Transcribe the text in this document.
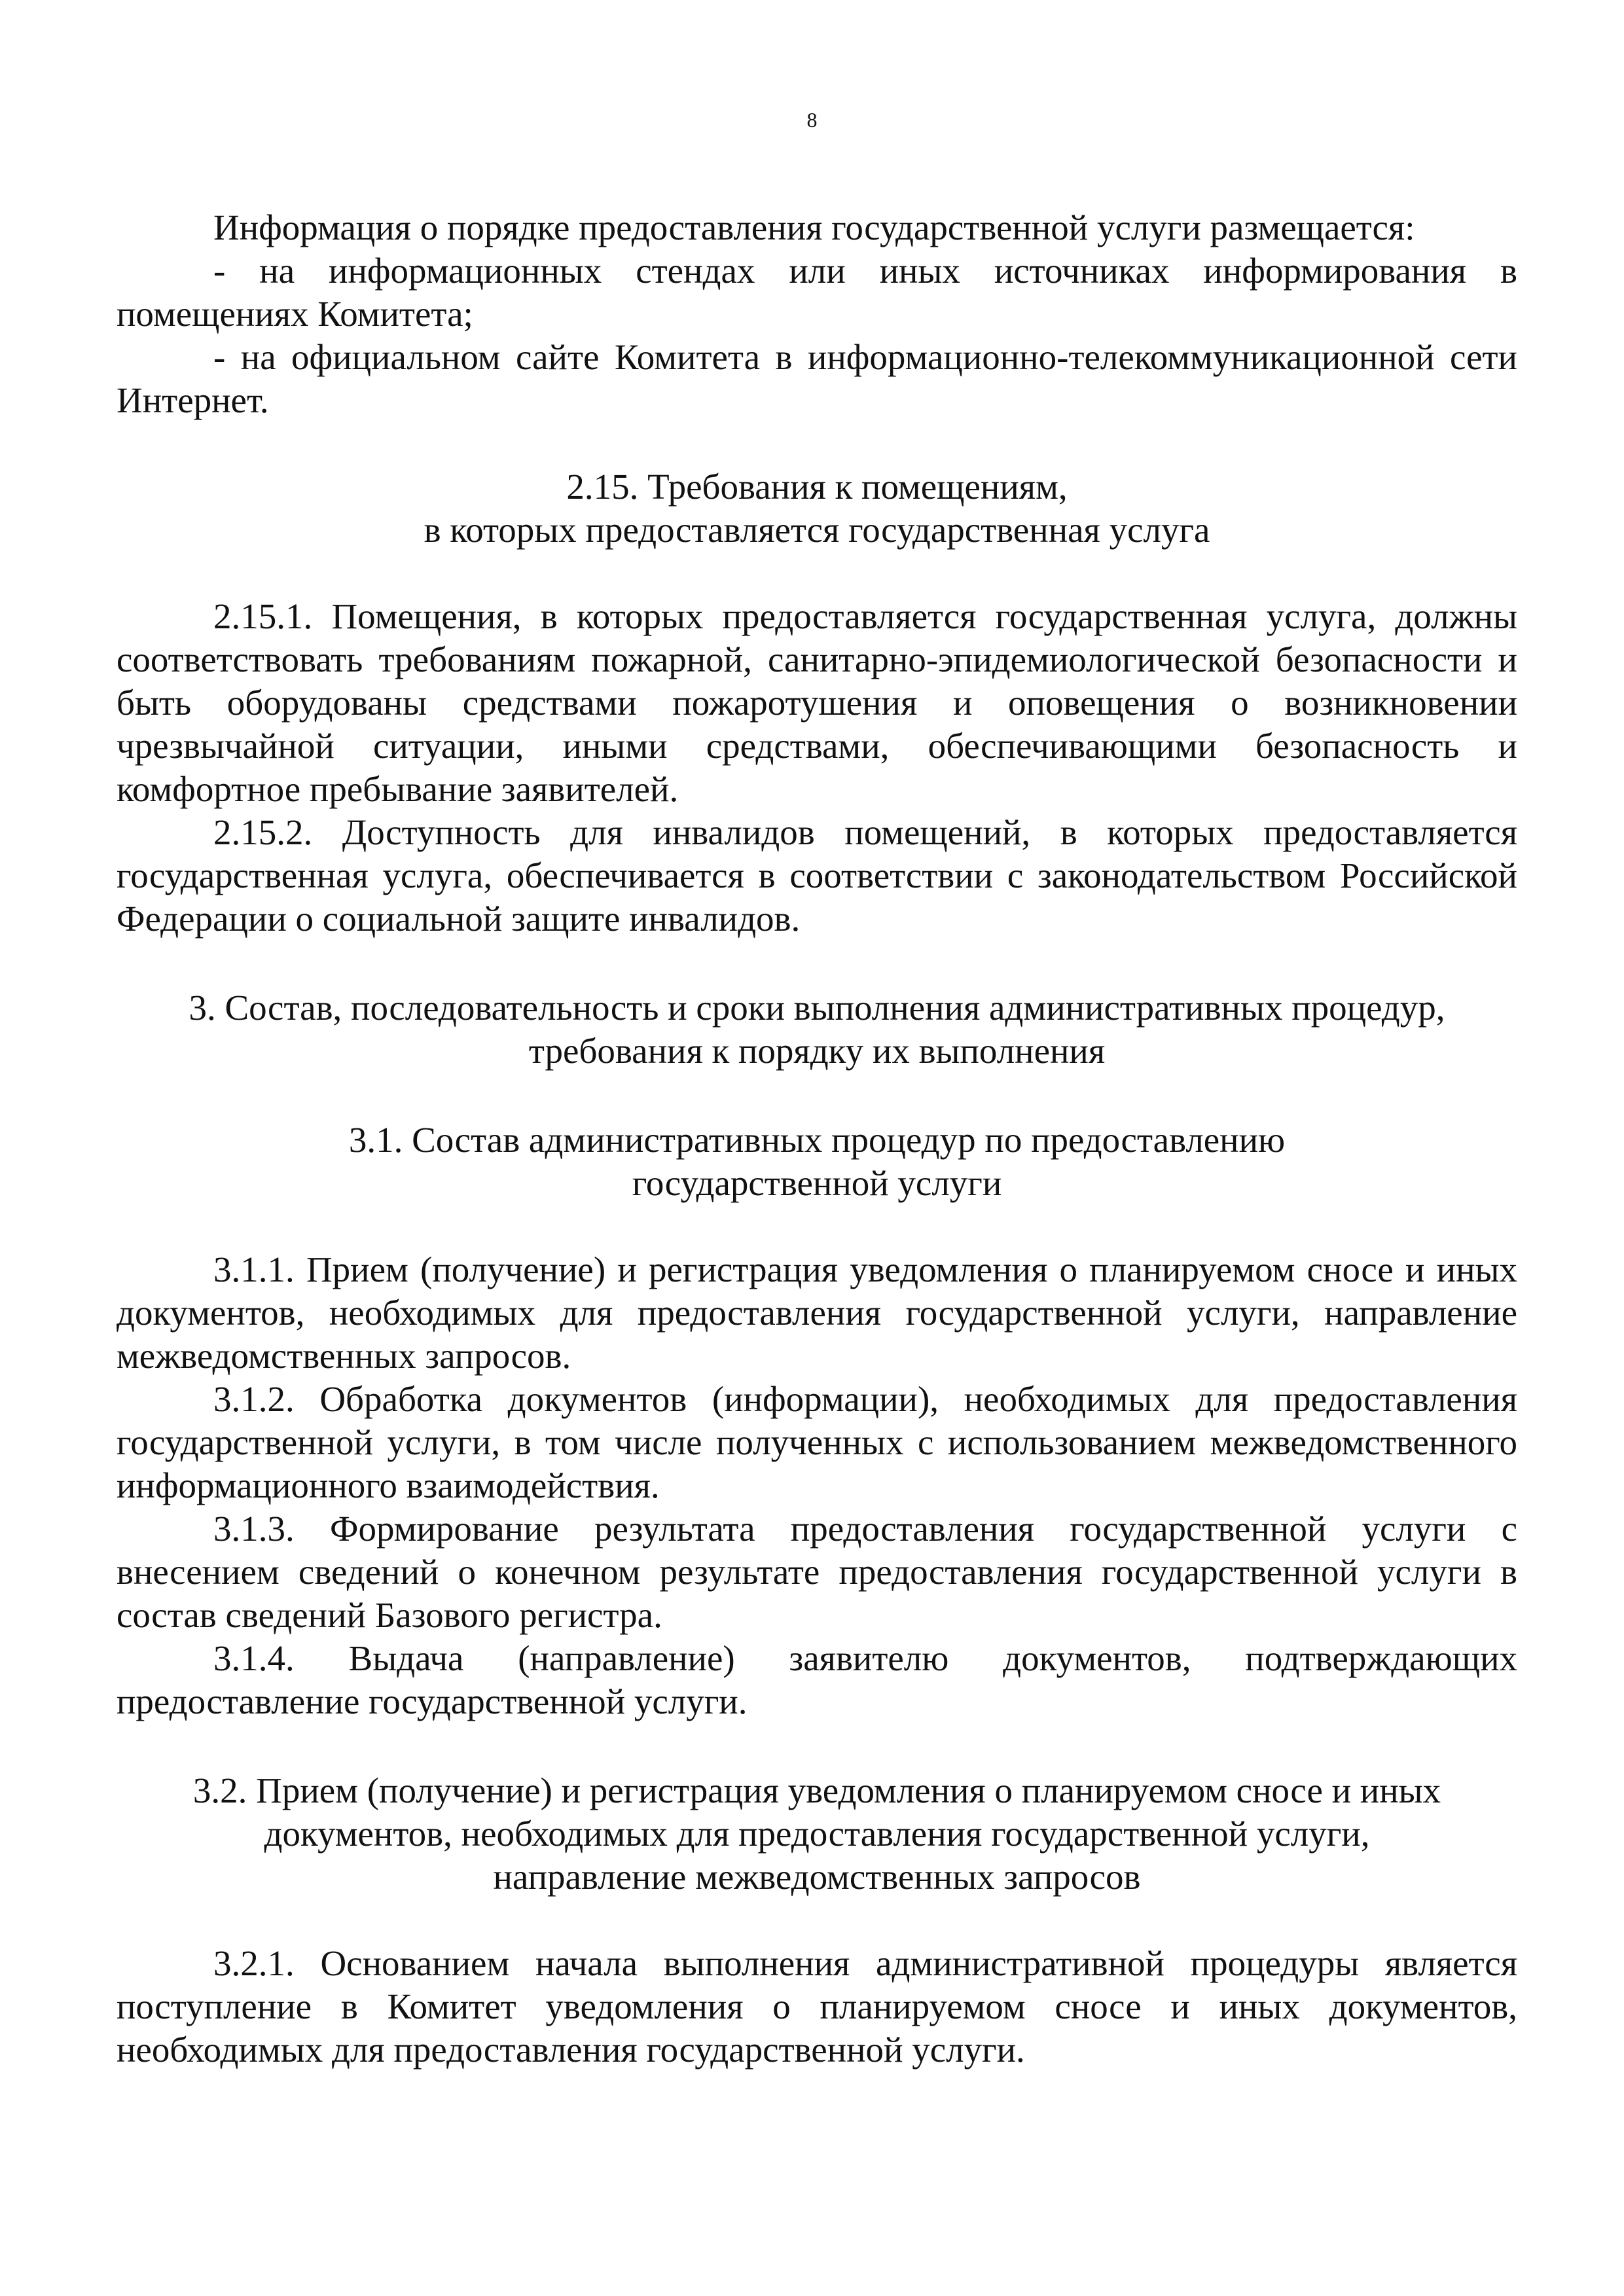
8

Информация о порядке предоставления государственной услуги размещается:

- на информационных стендах или иных источниках информирования в помещениях Комитета;

- на официальном сайте Комитета в информационно-телекоммуникационной сети Интернет.

2.15. Требования к помещениям,

в которых предоставляется государственная услуга

2.15.1. Помещения, в которых предоставляется государственная услуга, должны соответствовать требованиям пожарной, санитарно-эпидемиологической безопасности и быть оборудованы средствами пожаротушения и оповещения о возникновении чрезвычайной ситуации, иными средствами, обеспечивающими безопасность и комфортное пребывание заявителей.

2.15.2. Доступность для инвалидов помещений, в которых предоставляется государственная услуга, обеспечивается в соответствии с законодательством Российской Федерации о социальной защите инвалидов.

3. Состав, последовательность и сроки выполнения административных процедур,

требования к порядку их выполнения

3.1. Состав административных процедур по предоставлению

государственной услуги

3.1.1. Прием (получение) и регистрация уведомления о планируемом сносе и иных документов, необходимых для предоставления государственной услуги, направление межведомственных запросов.

3.1.2. Обработка документов (информации), необходимых для предоставления государственной услуги, в том числе полученных с использованием межведомственного информационного взаимодействия.

3.1.3. Формирование результата предоставления государственной услуги с внесением сведений о конечном результате предоставления государственной услуги в состав сведений Базового регистра.

3.1.4. Выдача (направление) заявителю документов, подтверждающих предоставление государственной услуги.

3.2. Прием (получение) и регистрация уведомления о планируемом сносе и иных

документов, необходимых для предоставления государственной услуги,

направление межведомственных запросов

3.2.1. Основанием начала выполнения административной процедуры является поступление в Комитет уведомления о планируемом сносе и иных документов, необходимых для предоставления государственной услуги.
